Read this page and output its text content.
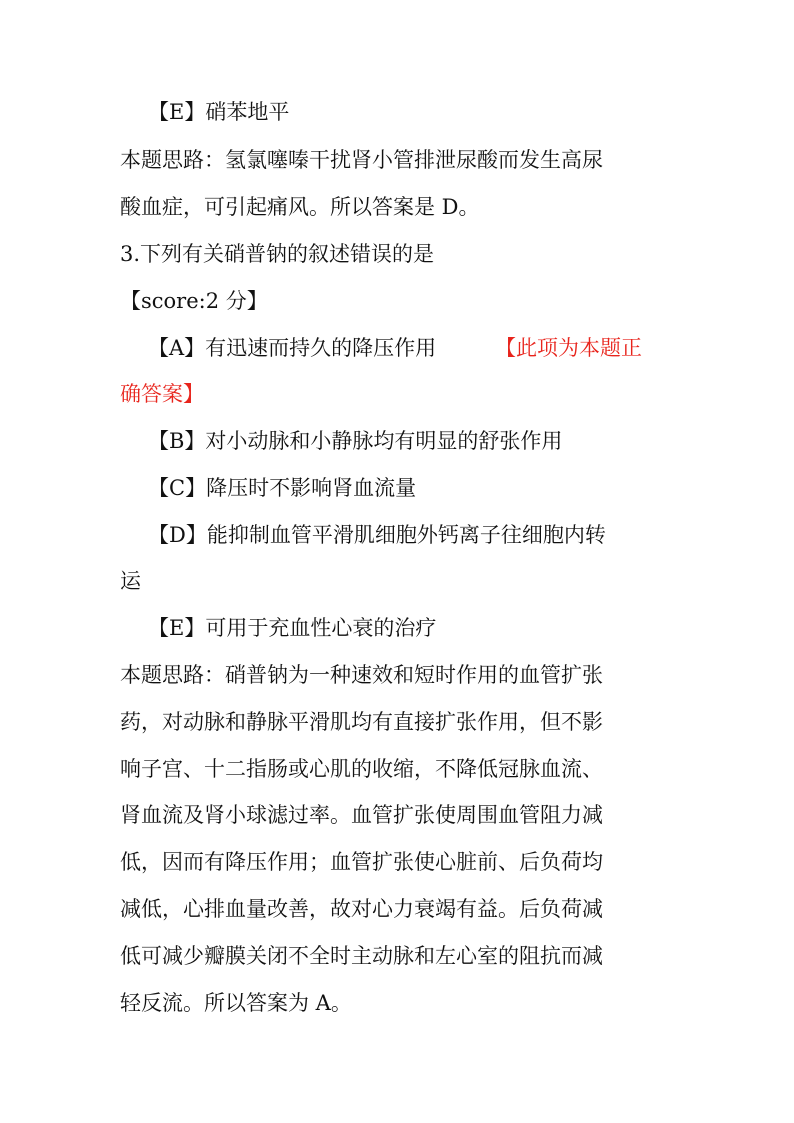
【E】硝苯地平
本题思路：氢氯噻嗪干扰肾小管排泄尿酸而发生高尿
酸血症，可引起痛风。所以答案是 D。
3.下列有关硝普钠的叙述错误的是
【score:2 分】
【A】有迅速而持久的降压作用	【此项为本题正
确答案】
【B】对小动脉和小静脉均有明显的舒张作用
【C】降压时不影响肾血流量
【D】能抑制血管平滑肌细胞外钙离子往细胞内转
运
【E】可用于充血性心衰的治疗
本题思路：硝普钠为一种速效和短时作用的血管扩张
药，对动脉和静脉平滑肌均有直接扩张作用，但不影
响子宫、十二指肠或心肌的收缩，不降低冠脉血流、
肾血流及肾小球滤过率。血管扩张使周围血管阻力减
低，因而有降压作用；血管扩张使心脏前、后负荷均
减低，心排血量改善，故对心力衰竭有益。后负荷减
低可减少瓣膜关闭不全时主动脉和左心室的阻抗而减
轻反流。所以答案为 A。
